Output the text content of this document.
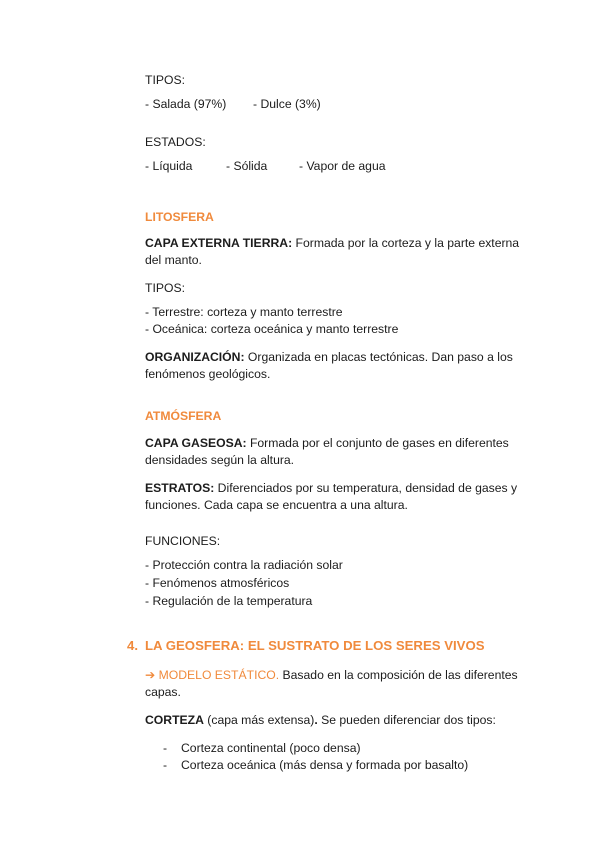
TIPOS:

- Salada (97%) - Dulce (3%)

ESTADOS:

- Líquida	- Sólida	- Vapor de agua

LITOSFERA

CAPA EXTERNA TIERRA: Formada por la corteza y la parte externa del manto.

TIPOS:

- Terrestre: corteza y manto terrestre

- Oceánica: corteza oceánica y manto terrestre

ORGANIZACIÓN: Organizada en placas tectónicas. Dan paso a los fenómenos geológicos.

ATMÓSFERA

CAPA GASEOSA: Formada por el conjunto de gases en diferentes densidades según la altura.

ESTRATOS: Diferenciados por su temperatura, densidad de gases y funciones. Cada capa se encuentra a una altura.

FUNCIONES:

- Protección contra la radiación solar

- Fenómenos atmosféricos

- Regulación de la temperatura

4. LA GEOSFERA: EL SUSTRATO DE LOS SERES VIVOS

➔ MODELO ESTÁTICO. Basado en la composición de las diferentes capas.

CORTEZA (capa más extensa). Se pueden diferenciar dos tipos:

- Corteza continental (poco densa)

- Corteza oceánica (más densa y formada por basalto)
